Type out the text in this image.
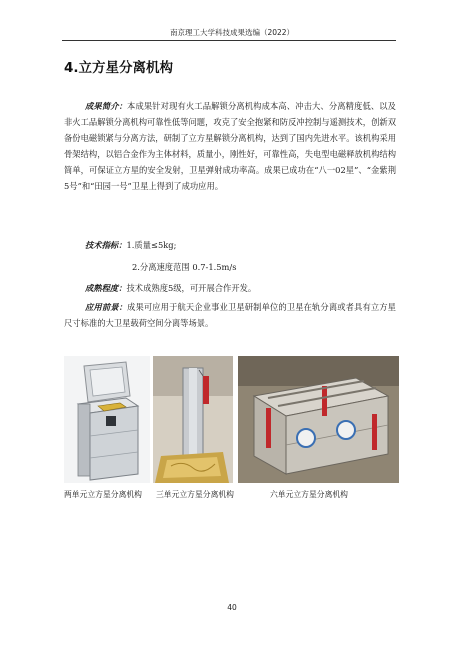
南京理工大学科技成果选编（2022）
4.立方星分离机构
成果简介：本成果针对现有火工品解锁分离机构成本高、冲击大、分离精度低、以及非火工品解锁分离机构可靠性低等问题，攻克了安全抱紧和防反冲控制与遥测技术，创新双备份电磁锁紧与分离方法，研制了立方星解锁分离机构，达到了国内先进水平。该机构采用骨架结构，以铝合金作为主体材料，质量小，刚性好，可靠性高，失电型电磁释放机构结构简单，可保证立方星的安全发射，卫星弹射成功率高。成果已成功在“八一02星”、“金紫荆5号”和“田园一号”卫星上得到了成功应用。
技术指标：1.质量≤5kg;
2.分离速度范围 0.7-1.5m/s
成熟程度：技术成熟度5级，可开展合作开发。
应用前景：成果可应用于航天企业事业卫星研制单位的卫星在轨分离或者具有立方星尺寸标准的大卫星载荷空间分离等场景。
两单元立方星分离机构 三单元立方星分离机构	六单元立方星分离机构
40
